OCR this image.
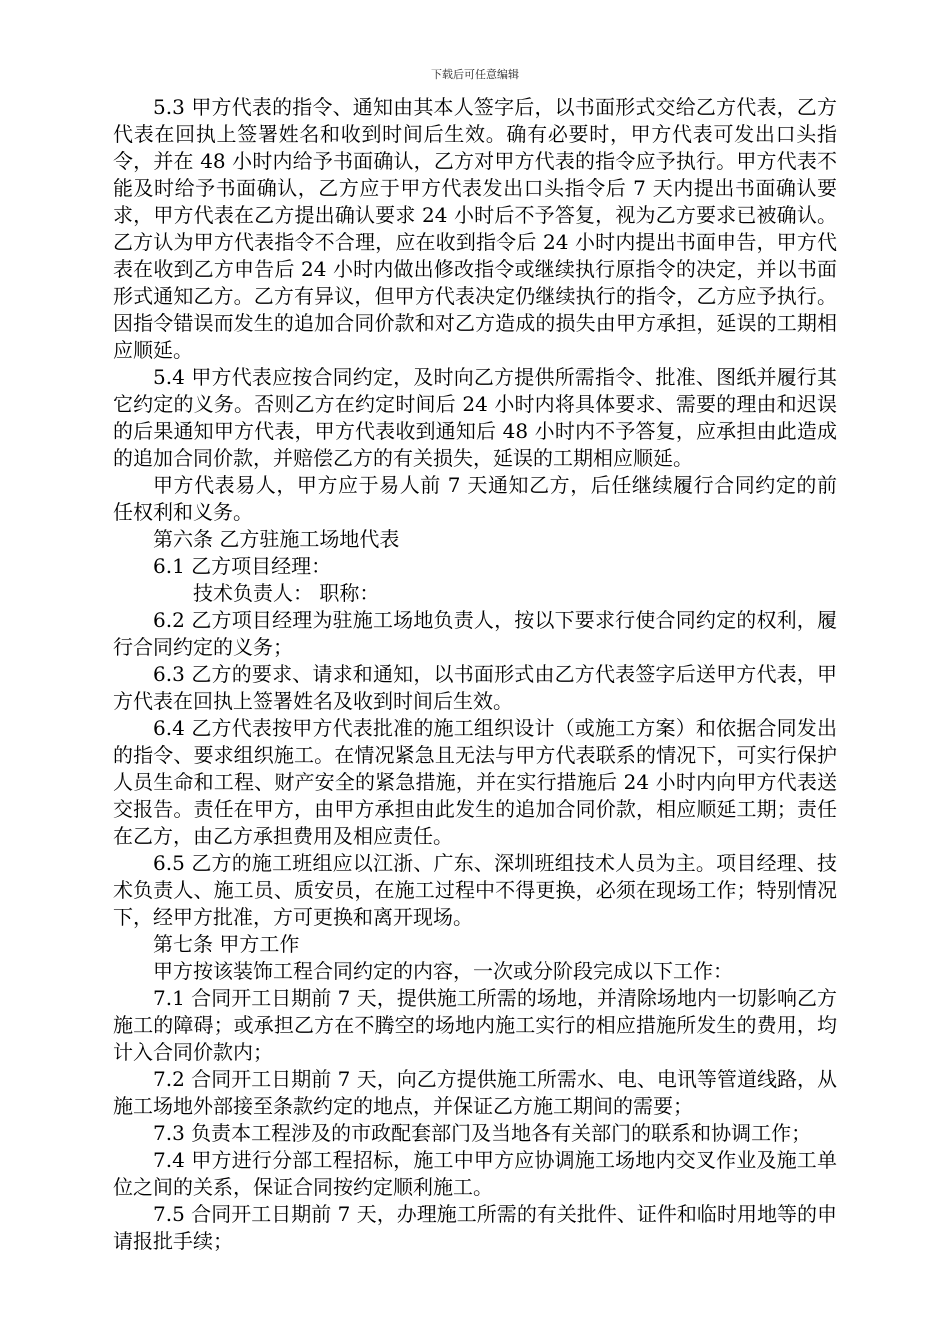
下载后可任意编辑

5.3 甲方代表的指令、通知由其本人签字后，以书面形式交给乙方代表，乙方代表在回执上签署姓名和收到时间后生效。确有必要时，甲方代表可发出口头指令，并在 48 小时内给予书面确认，乙方对甲方代表的指令应予执行。甲方代表不能及时给予书面确认，乙方应于甲方代表发出口头指令后 7 天内提出书面确认要求，甲方代表在乙方提出确认要求 24 小时后不予答复，视为乙方要求已被确认。乙方认为甲方代表指令不合理，应在收到指令后 24 小时内提出书面申告，甲方代表在收到乙方申告后 24 小时内做出修改指令或继续执行原指令的决定，并以书面形式通知乙方。乙方有异议，但甲方代表决定仍继续执行的指令，乙方应予执行。因指令错误而发生的追加合同价款和对乙方造成的损失由甲方承担，延误的工期相应顺延。

5.4 甲方代表应按合同约定，及时向乙方提供所需指令、批准、图纸并履行其它约定的义务。否则乙方在约定时间后 24 小时内将具体要求、需要的理由和迟误的后果通知甲方代表，甲方代表收到通知后 48 小时内不予答复，应承担由此造成的追加合同价款，并赔偿乙方的有关损失，延误的工期相应顺延。

甲方代表易人，甲方应于易人前 7 天通知乙方，后任继续履行合同约定的前任权利和义务。

第六条 乙方驻施工场地代表

6.1 乙方项目经理：

技术负责人： 职称：

6.2 乙方项目经理为驻施工场地负责人，按以下要求行使合同约定的权利，履行合同约定的义务；

6.3 乙方的要求、请求和通知，以书面形式由乙方代表签字后送甲方代表，甲方代表在回执上签署姓名及收到时间后生效。

6.4 乙方代表按甲方代表批准的施工组织设计（或施工方案）和依据合同发出的指令、要求组织施工。在情况紧急且无法与甲方代表联系的情况下，可实行保护人员生命和工程、财产安全的紧急措施，并在实行措施后 24 小时内向甲方代表送交报告。责任在甲方，由甲方承担由此发生的追加合同价款，相应顺延工期；责任在乙方，由乙方承担费用及相应责任。

6.5 乙方的施工班组应以江浙、广东、深圳班组技术人员为主。项目经理、技术负责人、施工员、质安员，在施工过程中不得更换，必须在现场工作；特别情况下，经甲方批准，方可更换和离开现场。

第七条 甲方工作

甲方按该装饰工程合同约定的内容，一次或分阶段完成以下工作：

7.1 合同开工日期前 7 天，提供施工所需的场地，并清除场地内一切影响乙方施工的障碍；或承担乙方在不腾空的场地内施工实行的相应措施所发生的费用，均计入合同价款内；

7.2 合同开工日期前 7 天，向乙方提供施工所需水、电、电讯等管道线路，从施工场地外部接至条款约定的地点，并保证乙方施工期间的需要；

7.3 负责本工程涉及的市政配套部门及当地各有关部门的联系和协调工作；

7.4 甲方进行分部工程招标，施工中甲方应协调施工场地内交叉作业及施工单位之间的关系，保证合同按约定顺利施工。

7.5 合同开工日期前 7 天，办理施工所需的有关批件、证件和临时用地等的申请报批手续；
